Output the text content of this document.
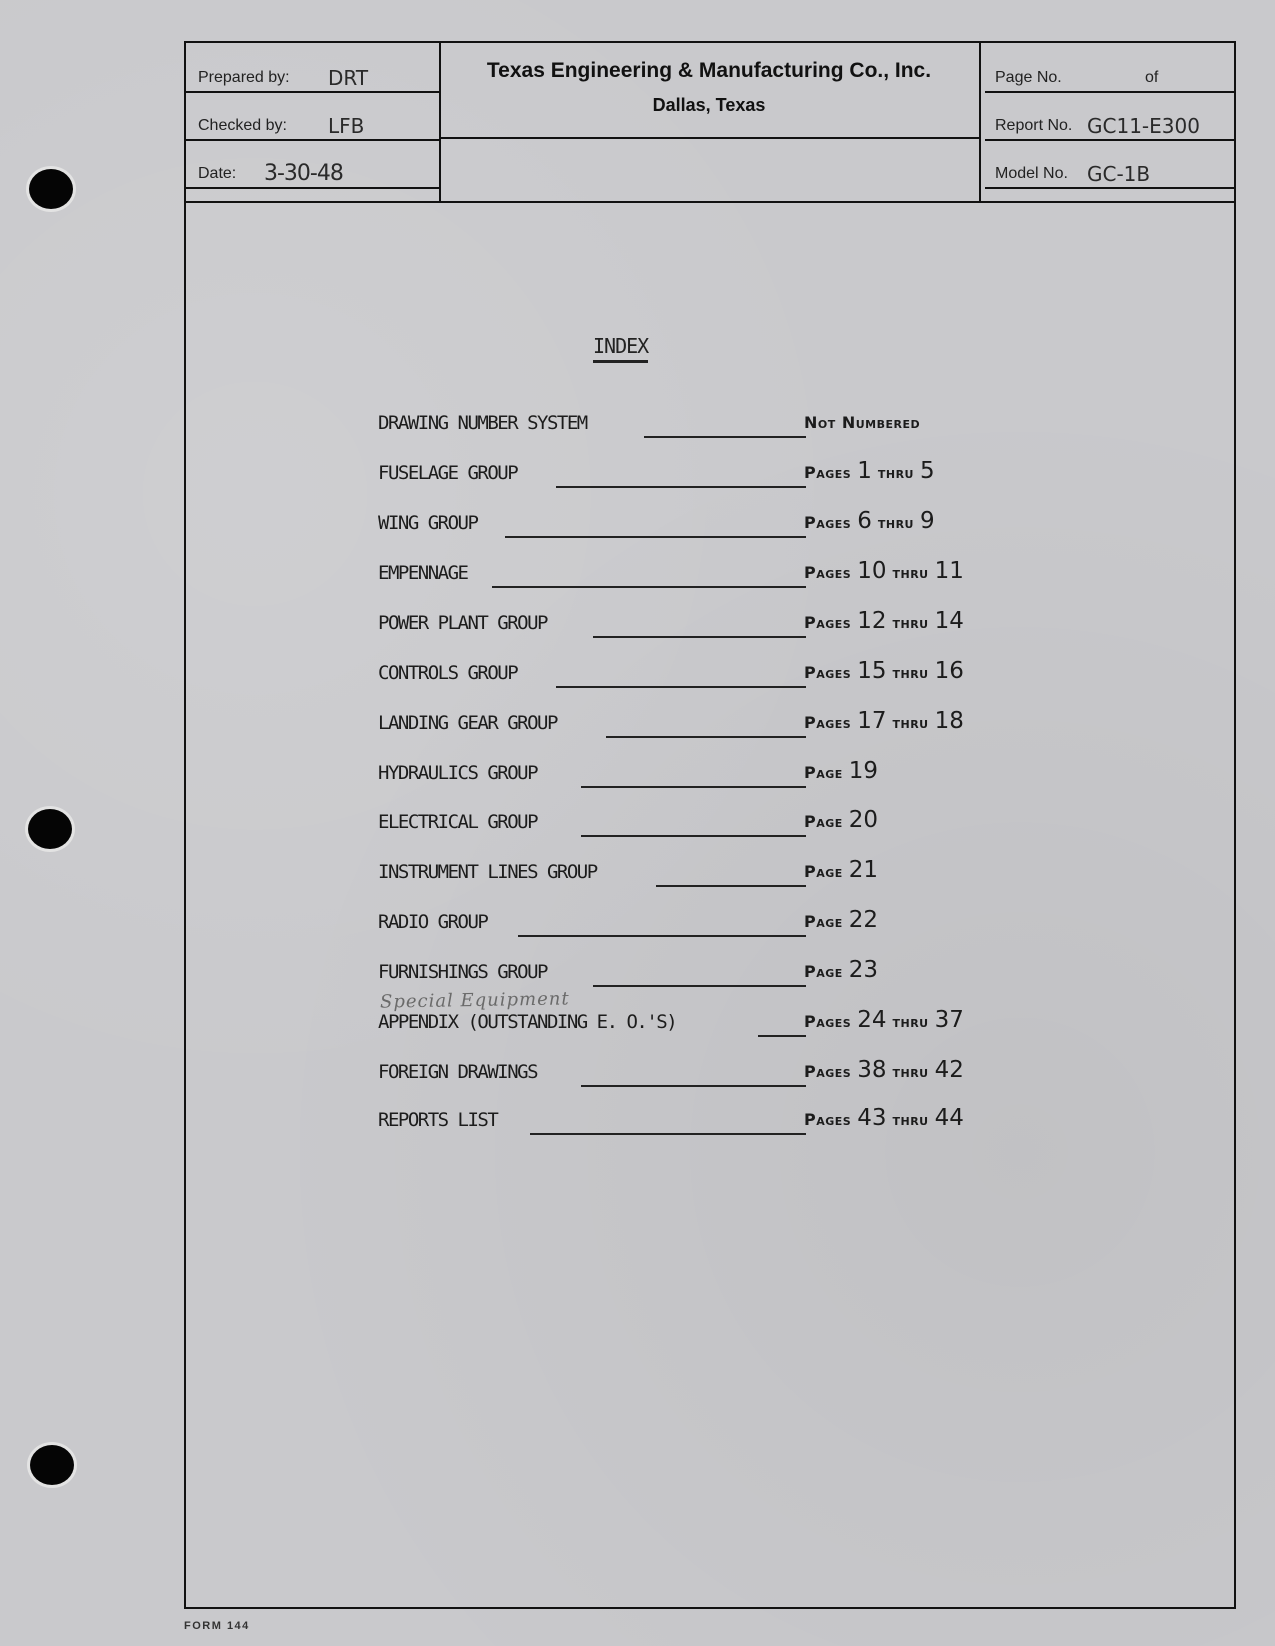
Prepared by: DRT
Checked by: LFB
Date: 3-30-48
Texas Engineering & Manufacturing Co., Inc.
Dallas, Texas
Page No.	of
Report No. GC11-E300
Model No. GC-1B
INDEX
DRAWING NUMBER SYSTEM	Not Numbered
FUSELAGE GROUP	Pages 1 thru 5
WING GROUP	Pages 6 thru 9
EMPENNAGE	Pages 10 thru 11
POWER PLANT GROUP	Pages 12 thru 14
CONTROLS GROUP	Pages 15 thru 16
LANDING GEAR GROUP	Pages 17 thru 18
HYDRAULICS GROUP	Page 19
ELECTRICAL GROUP	Page 20
INSTRUMENT LINES GROUP	Page 21
RADIO GROUP	Page 22
FURNISHINGS GROUP	Page 23
APPENDIX (OUTSTANDING E. O.'S)	Pages 24 thru 37
FOREIGN DRAWINGS	Pages 38 thru 42
REPORTS LIST	Pages 43 thru 44
Special Equipment
FORM 144
